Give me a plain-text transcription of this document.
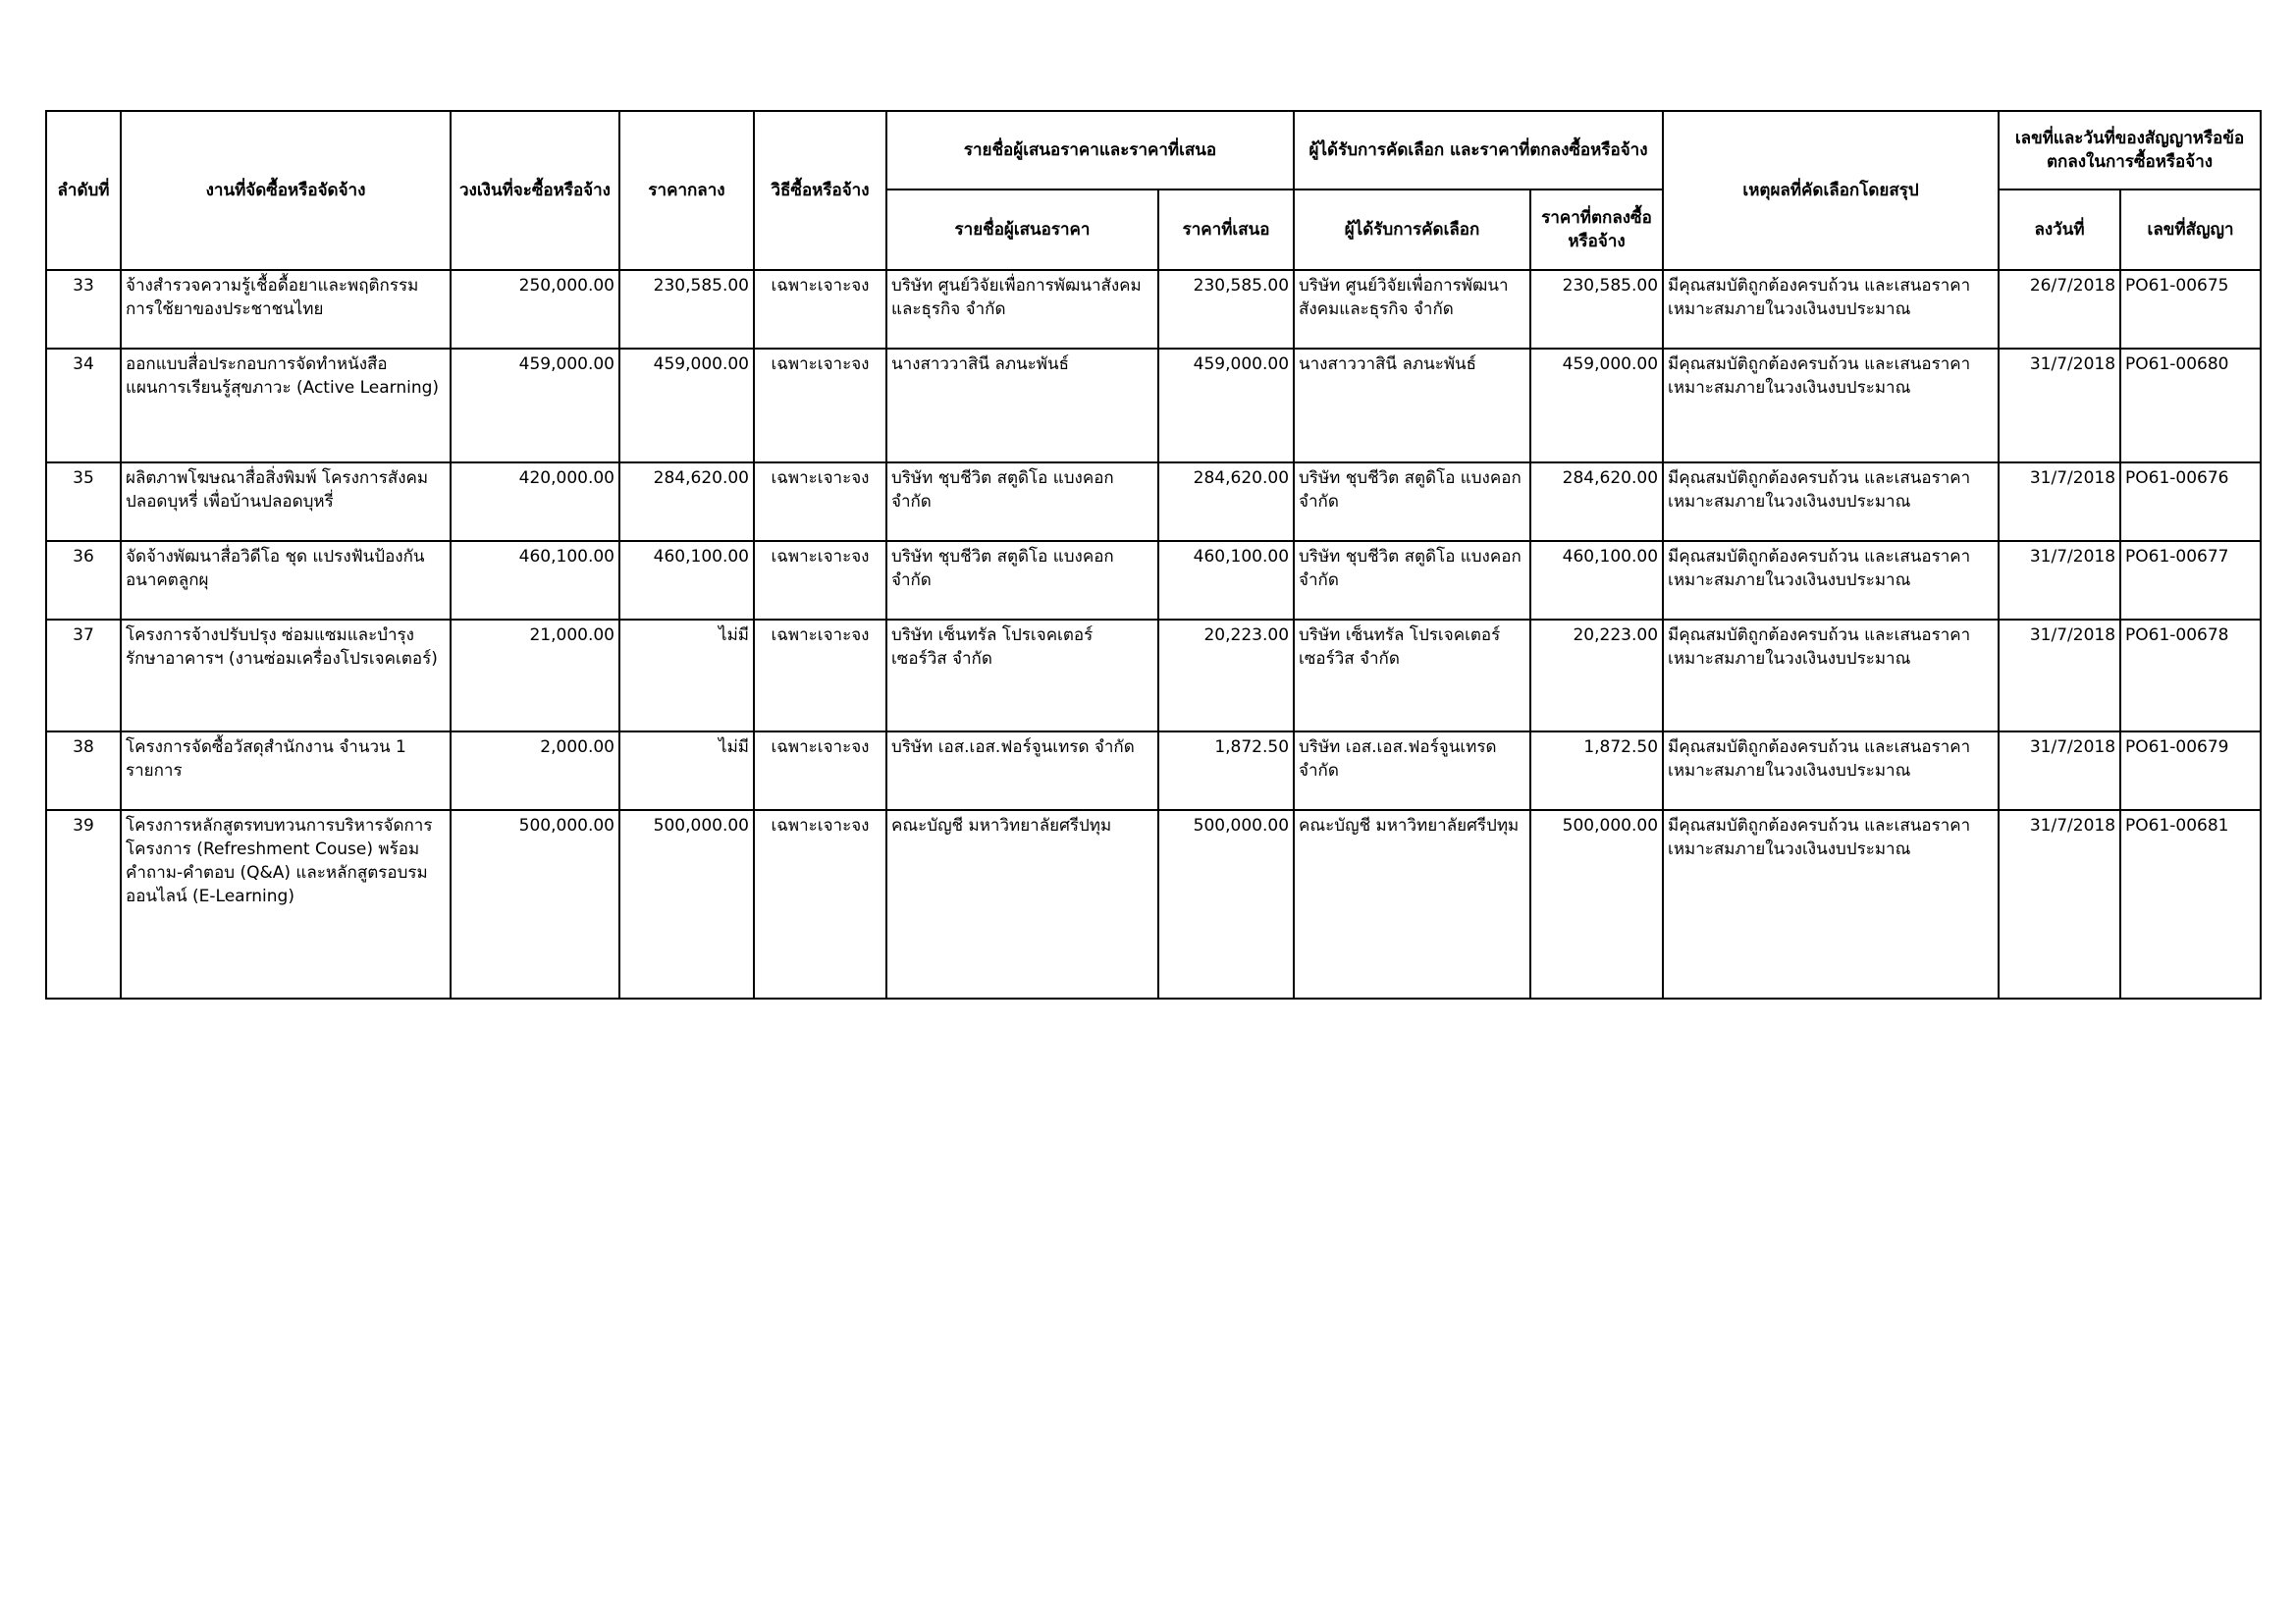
ลำดับที่	งานที่จัดซื้อหรือจัดจ้าง	วงเงินที่จะซื้อหรือจ้าง	ราคากลาง	วิธีซื้อหรือจ้าง	รายชื่อผู้เสนอราคาและราคาที่เสนอ		ผู้ได้รับการคัดเลือก และราคาที่ตกลงซื้อหรือจ้าง		เหตุผลที่คัดเลือกโดยสรุป	เลขที่และวันที่ของสัญญาหรือข้อตกลงในการซื้อหรือจ้าง	
					รายชื่อผู้เสนอราคา	ราคาที่เสนอ	ผู้ได้รับการคัดเลือก	ราคาที่ตกลงซื้อหรือจ้าง		ลงวันที่	เลขที่สัญญา
33	จ้างสำรวจความรู้เชื้อดื้อยาและพฤติกรรมการใช้ยาของประชาชนไทย	250,000.00	230,585.00	เฉพาะเจาะจง	บริษัท ศูนย์วิจัยเพื่อการพัฒนาสังคมและธุรกิจ จำกัด	230,585.00	บริษัท ศูนย์วิจัยเพื่อการพัฒนาสังคมและธุรกิจ จำกัด	230,585.00	มีคุณสมบัติถูกต้องครบถ้วน และเสนอราคาเหมาะสมภายในวงเงินงบประมาณ	26/7/2018	PO61-00675
34	ออกแบบสื่อประกอบการจัดทำหนังสือแผนการเรียนรู้สุขภาวะ (Active Learning)	459,000.00	459,000.00	เฉพาะเจาะจง	นางสาววาสินี ลภนะพันธ์	459,000.00	นางสาววาสินี ลภนะพันธ์	459,000.00	มีคุณสมบัติถูกต้องครบถ้วน และเสนอราคาเหมาะสมภายในวงเงินงบประมาณ	31/7/2018	PO61-00680
35	ผลิตภาพโฆษณาสื่อสิ่งพิมพ์ โครงการสังคมปลอดบุหรี่ เพื่อบ้านปลอดบุหรี่	420,000.00	284,620.00	เฉพาะเจาะจง	บริษัท ชุบชีวิต สตูดิโอ แบงคอก จำกัด	284,620.00	บริษัท ชุบชีวิต สตูดิโอ แบงคอก จำกัด	284,620.00	มีคุณสมบัติถูกต้องครบถ้วน และเสนอราคาเหมาะสมภายในวงเงินงบประมาณ	31/7/2018	PO61-00676
36	จัดจ้างพัฒนาสื่อวิดีโอ ชุด แปรงฟันป้องกันอนาคตลูกผุ	460,100.00	460,100.00	เฉพาะเจาะจง	บริษัท ชุบชีวิต สตูดิโอ แบงคอก จำกัด	460,100.00	บริษัท ชุบชีวิต สตูดิโอ แบงคอก จำกัด	460,100.00	มีคุณสมบัติถูกต้องครบถ้วน และเสนอราคาเหมาะสมภายในวงเงินงบประมาณ	31/7/2018	PO61-00677
37	โครงการจ้างปรับปรุง ซ่อมแซมและบำรุงรักษาอาคารฯ (งานซ่อมเครื่องโปรเจคเตอร์)	21,000.00	ไม่มี	เฉพาะเจาะจง	บริษัท เซ็นทรัล โปรเจคเตอร์ เซอร์วิส จำกัด	20,223.00	บริษัท เซ็นทรัล โปรเจคเตอร์ เซอร์วิส จำกัด	20,223.00	มีคุณสมบัติถูกต้องครบถ้วน และเสนอราคาเหมาะสมภายในวงเงินงบประมาณ	31/7/2018	PO61-00678
38	โครงการจัดซื้อวัสดุสำนักงาน จำนวน 1 รายการ	2,000.00	ไม่มี	เฉพาะเจาะจง	บริษัท เอส.เอส.ฟอร์จูนเทรด จำกัด	1,872.50	บริษัท เอส.เอส.ฟอร์จูนเทรด จำกัด	1,872.50	มีคุณสมบัติถูกต้องครบถ้วน และเสนอราคาเหมาะสมภายในวงเงินงบประมาณ	31/7/2018	PO61-00679
39	โครงการหลักสูตรทบทวนการบริหารจัดการโครงการ (Refreshment Couse) พร้อมคำถาม-คำตอบ (Q&A) และหลักสูตรอบรมออนไลน์ (E-Learning)	500,000.00	500,000.00	เฉพาะเจาะจง	คณะบัญชี มหาวิทยาลัยศรีปทุม	500,000.00	คณะบัญชี มหาวิทยาลัยศรีปทุม	500,000.00	มีคุณสมบัติถูกต้องครบถ้วน และเสนอราคาเหมาะสมภายในวงเงินงบประมาณ	31/7/2018	PO61-00681
